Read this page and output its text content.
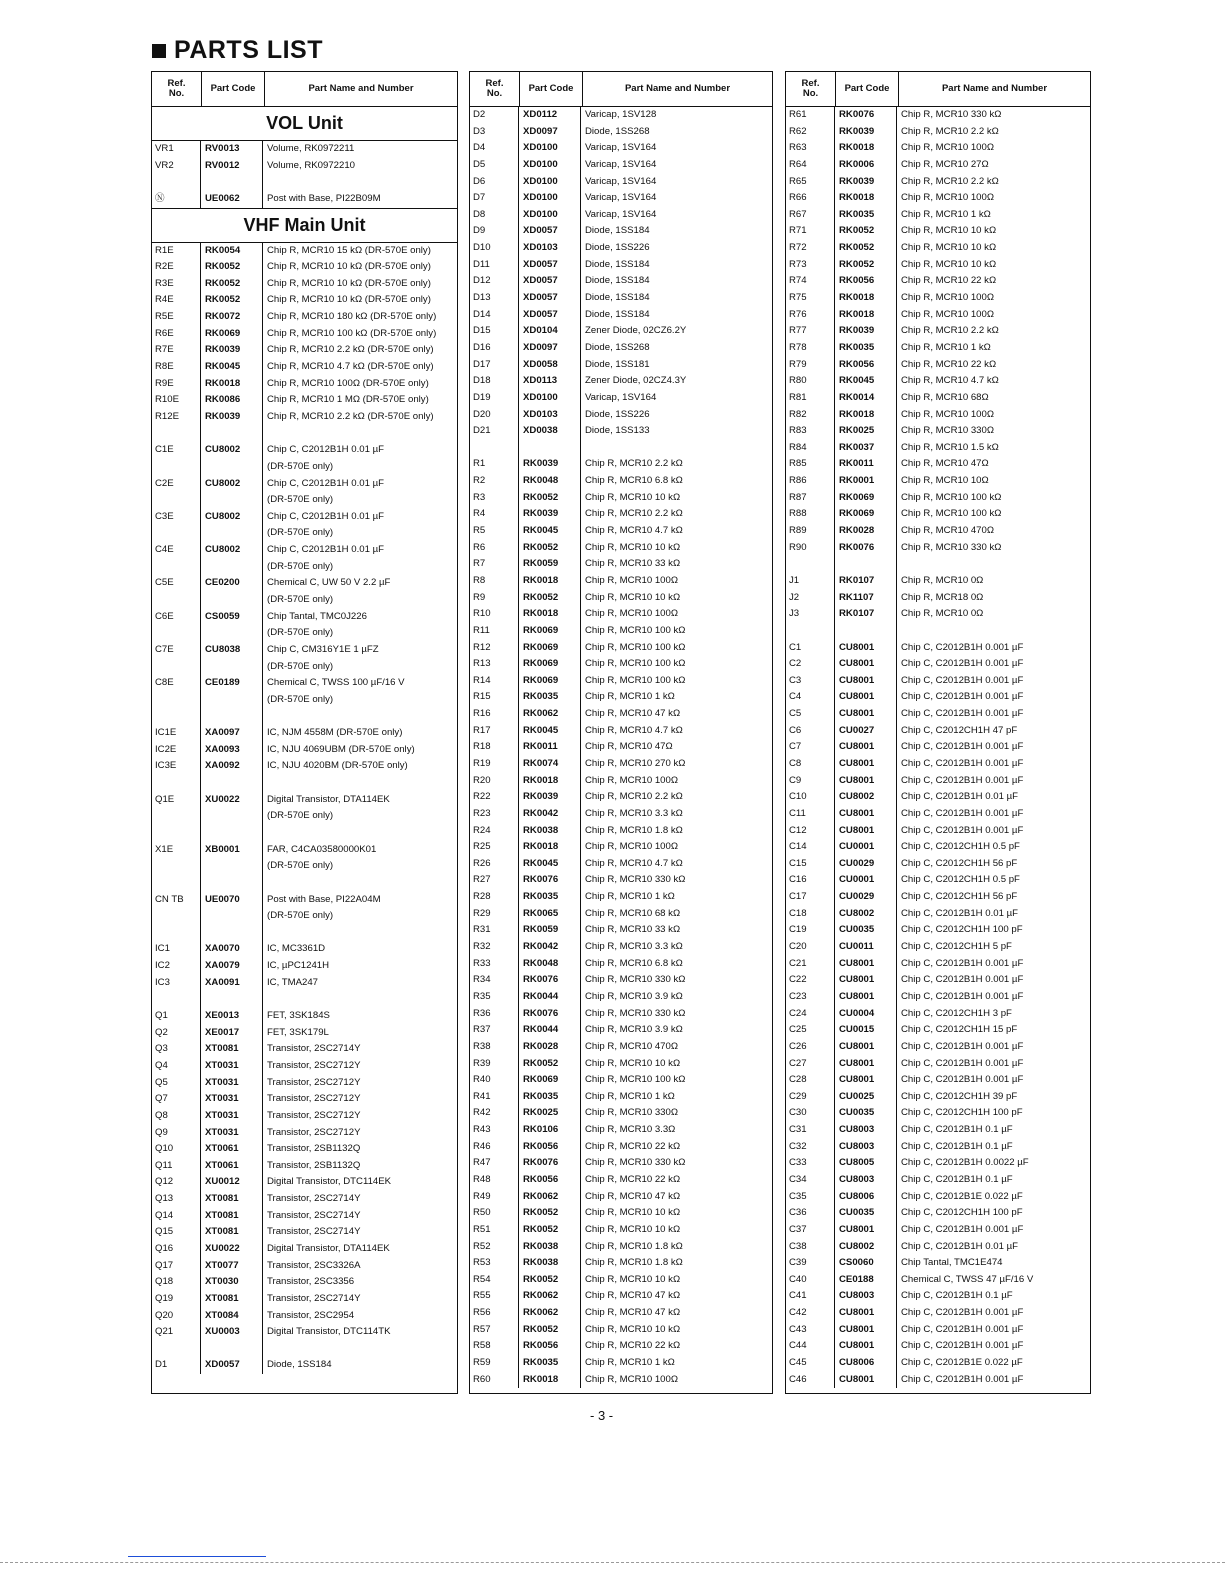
PARTS LIST
Ref.
No.	Part Code	Part Name and Number
VOL Unit
VR1	RV0013	Volume, RK0972211
VR2	RV0012	Volume, RK0972210
Ⓝ	UE0062	Post with Base, PI22B09M
VHF Main Unit
R1E	RK0054	Chip R, MCR10 15 kΩ (DR-570E only)
R2E	RK0052	Chip R, MCR10 10 kΩ (DR-570E only)
R3E	RK0052	Chip R, MCR10 10 kΩ (DR-570E only)
R4E	RK0052	Chip R, MCR10 10 kΩ (DR-570E only)
R5E	RK0072	Chip R, MCR10 180 kΩ (DR-570E only)
R6E	RK0069	Chip R, MCR10 100 kΩ (DR-570E only)
R7E	RK0039	Chip R, MCR10 2.2 kΩ (DR-570E only)
R8E	RK0045	Chip R, MCR10 4.7 kΩ (DR-570E only)
R9E	RK0018	Chip R, MCR10 100Ω (DR-570E only)
R10E	RK0086	Chip R, MCR10 1 MΩ (DR-570E only)
R12E	RK0039	Chip R, MCR10 2.2 kΩ (DR-570E only)
C1E	CU8002	Chip C, C2012B1H 0.01 µF
(DR-570E only)
C2E	CU8002	Chip C, C2012B1H 0.01 µF
(DR-570E only)
C3E	CU8002	Chip C, C2012B1H 0.01 µF
(DR-570E only)
C4E	CU8002	Chip C, C2012B1H 0.01 µF
(DR-570E only)
C5E	CE0200	Chemical C, UW 50 V 2.2 µF
(DR-570E only)
C6E	CS0059	Chip Tantal, TMC0J226
(DR-570E only)
C7E	CU8038	Chip C, CM316Y1E 1 µFZ
(DR-570E only)
C8E	CE0189	Chemical C, TWSS 100 µF/16 V
(DR-570E only)
IC1E	XA0097	IC, NJM 4558M (DR-570E only)
IC2E	XA0093	IC, NJU 4069UBM (DR-570E only)
IC3E	XA0092	IC, NJU 4020BM (DR-570E only)
Q1E	XU0022	Digital Transistor, DTA114EK
(DR-570E only)
X1E	XB0001	FAR, C4CA03580000K01
(DR-570E only)
CN TB	UE0070	Post with Base, PI22A04M
(DR-570E only)
IC1	XA0070	IC, MC3361D
IC2	XA0079	IC, µPC1241H
IC3	XA0091	IC, TMA247
Q1	XE0013	FET, 3SK184S
Q2	XE0017	FET, 3SK179L
Q3	XT0081	Transistor, 2SC2714Y
Q4	XT0031	Transistor, 2SC2712Y
Q5	XT0031	Transistor, 2SC2712Y
Q7	XT0031	Transistor, 2SC2712Y
Q8	XT0031	Transistor, 2SC2712Y
Q9	XT0031	Transistor, 2SC2712Y
Q10	XT0061	Transistor, 2SB1132Q
Q11	XT0061	Transistor, 2SB1132Q
Q12	XU0012	Digital Transistor, DTC114EK
Q13	XT0081	Transistor, 2SC2714Y
Q14	XT0081	Transistor, 2SC2714Y
Q15	XT0081	Transistor, 2SC2714Y
Q16	XU0022	Digital Transistor, DTA114EK
Q17	XT0077	Transistor, 2SC3326A
Q18	XT0030	Transistor, 2SC3356
Q19	XT0081	Transistor, 2SC2714Y
Q20	XT0084	Transistor, 2SC2954
Q21	XU0003	Digital Transistor, DTC114TK
D1	XD0057	Diode, 1SS184
Ref.
No.	Part Code	Part Name and Number
D2	XD0112	Varicap, 1SV128
D3	XD0097	Diode, 1SS268
D4	XD0100	Varicap, 1SV164
D5	XD0100	Varicap, 1SV164
D6	XD0100	Varicap, 1SV164
D7	XD0100	Varicap, 1SV164
D8	XD0100	Varicap, 1SV164
D9	XD0057	Diode, 1SS184
D10	XD0103	Diode, 1SS226
D11	XD0057	Diode, 1SS184
D12	XD0057	Diode, 1SS184
D13	XD0057	Diode, 1SS184
D14	XD0057	Diode, 1SS184
D15	XD0104	Zener Diode, 02CZ6.2Y
D16	XD0097	Diode, 1SS268
D17	XD0058	Diode, 1SS181
D18	XD0113	Zener Diode, 02CZ4.3Y
D19	XD0100	Varicap, 1SV164
D20	XD0103	Diode, 1SS226
D21	XD0038	Diode, 1SS133
R1	RK0039	Chip R, MCR10 2.2 kΩ
R2	RK0048	Chip R, MCR10 6.8 kΩ
R3	RK0052	Chip R, MCR10 10 kΩ
R4	RK0039	Chip R, MCR10 2.2 kΩ
R5	RK0045	Chip R, MCR10 4.7 kΩ
R6	RK0052	Chip R, MCR10 10 kΩ
R7	RK0059	Chip R, MCR10 33 kΩ
R8	RK0018	Chip R, MCR10 100Ω
R9	RK0052	Chip R, MCR10 10 kΩ
R10	RK0018	Chip R, MCR10 100Ω
R11	RK0069	Chip R, MCR10 100 kΩ
R12	RK0069	Chip R, MCR10 100 kΩ
R13	RK0069	Chip R, MCR10 100 kΩ
R14	RK0069	Chip R, MCR10 100 kΩ
R15	RK0035	Chip R, MCR10 1 kΩ
R16	RK0062	Chip R, MCR10 47 kΩ
R17	RK0045	Chip R, MCR10 4.7 kΩ
R18	RK0011	Chip R, MCR10 47Ω
R19	RK0074	Chip R, MCR10 270 kΩ
R20	RK0018	Chip R, MCR10 100Ω
R22	RK0039	Chip R, MCR10 2.2 kΩ
R23	RK0042	Chip R, MCR10 3.3 kΩ
R24	RK0038	Chip R, MCR10 1.8 kΩ
R25	RK0018	Chip R, MCR10 100Ω
R26	RK0045	Chip R, MCR10 4.7 kΩ
R27	RK0076	Chip R, MCR10 330 kΩ
R28	RK0035	Chip R, MCR10 1 kΩ
R29	RK0065	Chip R, MCR10 68 kΩ
R31	RK0059	Chip R, MCR10 33 kΩ
R32	RK0042	Chip R, MCR10 3.3 kΩ
R33	RK0048	Chip R, MCR10 6.8 kΩ
R34	RK0076	Chip R, MCR10 330 kΩ
R35	RK0044	Chip R, MCR10 3.9 kΩ
R36	RK0076	Chip R, MCR10 330 kΩ
R37	RK0044	Chip R, MCR10 3.9 kΩ
R38	RK0028	Chip R, MCR10 470Ω
R39	RK0052	Chip R, MCR10 10 kΩ
R40	RK0069	Chip R, MCR10 100 kΩ
R41	RK0035	Chip R, MCR10 1 kΩ
R42	RK0025	Chip R, MCR10 330Ω
R43	RK0106	Chip R, MCR10 3.3Ω
R46	RK0056	Chip R, MCR10 22 kΩ
R47	RK0076	Chip R, MCR10 330 kΩ
R48	RK0056	Chip R, MCR10 22 kΩ
R49	RK0062	Chip R, MCR10 47 kΩ
R50	RK0052	Chip R, MCR10 10 kΩ
R51	RK0052	Chip R, MCR10 10 kΩ
R52	RK0038	Chip R, MCR10 1.8 kΩ
R53	RK0038	Chip R, MCR10 1.8 kΩ
R54	RK0052	Chip R, MCR10 10 kΩ
R55	RK0062	Chip R, MCR10 47 kΩ
R56	RK0062	Chip R, MCR10 47 kΩ
R57	RK0052	Chip R, MCR10 10 kΩ
R58	RK0056	Chip R, MCR10 22 kΩ
R59	RK0035	Chip R, MCR10 1 kΩ
R60	RK0018	Chip R, MCR10 100Ω
Ref.
No.	Part Code	Part Name and Number
R61	RK0076	Chip R, MCR10 330 kΩ
R62	RK0039	Chip R, MCR10 2.2 kΩ
R63	RK0018	Chip R, MCR10 100Ω
R64	RK0006	Chip R, MCR10 27Ω
R65	RK0039	Chip R, MCR10 2.2 kΩ
R66	RK0018	Chip R, MCR10 100Ω
R67	RK0035	Chip R, MCR10 1 kΩ
R71	RK0052	Chip R, MCR10 10 kΩ
R72	RK0052	Chip R, MCR10 10 kΩ
R73	RK0052	Chip R, MCR10 10 kΩ
R74	RK0056	Chip R, MCR10 22 kΩ
R75	RK0018	Chip R, MCR10 100Ω
R76	RK0018	Chip R, MCR10 100Ω
R77	RK0039	Chip R, MCR10 2.2 kΩ
R78	RK0035	Chip R, MCR10 1 kΩ
R79	RK0056	Chip R, MCR10 22 kΩ
R80	RK0045	Chip R, MCR10 4.7 kΩ
R81	RK0014	Chip R, MCR10 68Ω
R82	RK0018	Chip R, MCR10 100Ω
R83	RK0025	Chip R, MCR10 330Ω
R84	RK0037	Chip R, MCR10 1.5 kΩ
R85	RK0011	Chip R, MCR10 47Ω
R86	RK0001	Chip R, MCR10 10Ω
R87	RK0069	Chip R, MCR10 100 kΩ
R88	RK0069	Chip R, MCR10 100 kΩ
R89	RK0028	Chip R, MCR10 470Ω
R90	RK0076	Chip R, MCR10 330 kΩ
J1	RK0107	Chip R, MCR10 0Ω
J2	RK1107	Chip R, MCR18 0Ω
J3	RK0107	Chip R, MCR10 0Ω
C1	CU8001	Chip C, C2012B1H 0.001 µF
C2	CU8001	Chip C, C2012B1H 0.001 µF
C3	CU8001	Chip C, C2012B1H 0.001 µF
C4	CU8001	Chip C, C2012B1H 0.001 µF
C5	CU8001	Chip C, C2012B1H 0.001 µF
C6	CU0027	Chip C, C2012CH1H 47 pF
C7	CU8001	Chip C, C2012B1H 0.001 µF
C8	CU8001	Chip C, C2012B1H 0.001 µF
C9	CU8001	Chip C, C2012B1H 0.001 µF
C10	CU8002	Chip C, C2012B1H 0.01 µF
C11	CU8001	Chip C, C2012B1H 0.001 µF
C12	CU8001	Chip C, C2012B1H 0.001 µF
C14	CU0001	Chip C, C2012CH1H 0.5 pF
C15	CU0029	Chip C, C2012CH1H 56 pF
C16	CU0001	Chip C, C2012CH1H 0.5 pF
C17	CU0029	Chip C, C2012CH1H 56 pF
C18	CU8002	Chip C, C2012B1H 0.01 µF
C19	CU0035	Chip C, C2012CH1H 100 pF
C20	CU0011	Chip C, C2012CH1H 5 pF
C21	CU8001	Chip C, C2012B1H 0.001 µF
C22	CU8001	Chip C, C2012B1H 0.001 µF
C23	CU8001	Chip C, C2012B1H 0.001 µF
C24	CU0004	Chip C, C2012CH1H 3 pF
C25	CU0015	Chip C, C2012CH1H 15 pF
C26	CU8001	Chip C, C2012B1H 0.001 µF
C27	CU8001	Chip C, C2012B1H 0.001 µF
C28	CU8001	Chip C, C2012B1H 0.001 µF
C29	CU0025	Chip C, C2012CH1H 39 pF
C30	CU0035	Chip C, C2012CH1H 100 pF
C31	CU8003	Chip C, C2012B1H 0.1 µF
C32	CU8003	Chip C, C2012B1H 0.1 µF
C33	CU8005	Chip C, C2012B1H 0.0022 µF
C34	CU8003	Chip C, C2012B1H 0.1 µF
C35	CU8006	Chip C, C2012B1E 0.022 µF
C36	CU0035	Chip C, C2012CH1H 100 pF
C37	CU8001	Chip C, C2012B1H 0.001 µF
C38	CU8002	Chip C, C2012B1H 0.01 µF
C39	CS0060	Chip Tantal, TMC1E474
C40	CE0188	Chemical C, TWSS 47 µF/16 V
C41	CU8003	Chip C, C2012B1H 0.1 µF
C42	CU8001	Chip C, C2012B1H 0.001 µF
C43	CU8001	Chip C, C2012B1H 0.001 µF
C44	CU8001	Chip C, C2012B1H 0.001 µF
C45	CU8006	Chip C, C2012B1E 0.022 µF
C46	CU8001	Chip C, C2012B1H 0.001 µF
- 3 -
